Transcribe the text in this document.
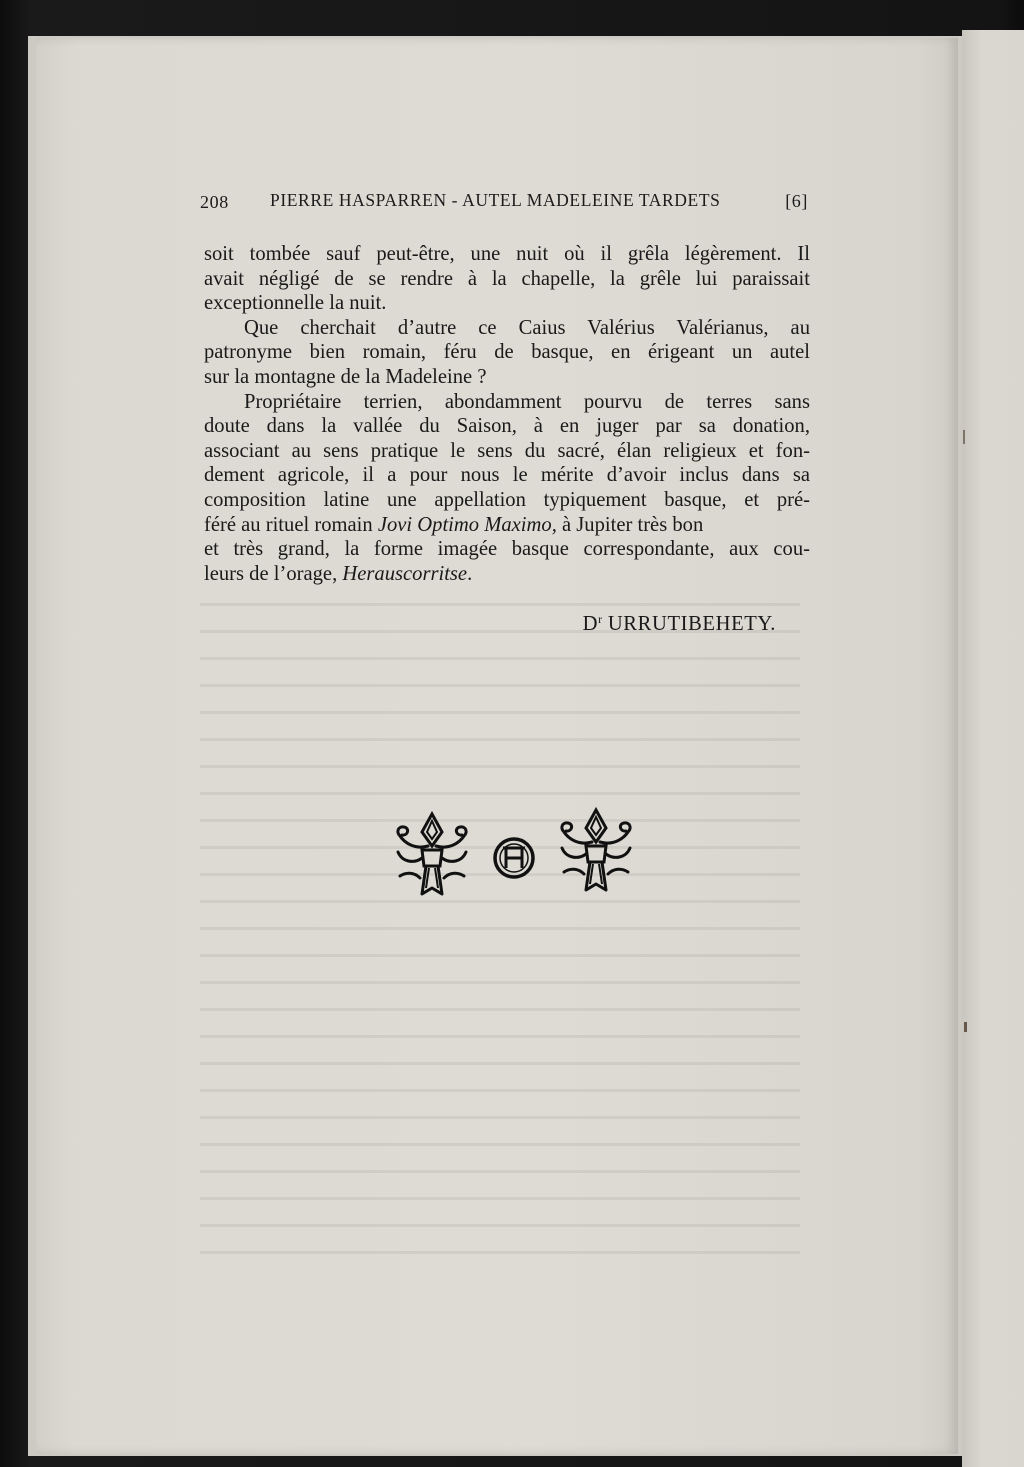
208 PIERRE HASPARREN - AUTEL MADELEINE TARDETS	[6]
soit tombée sauf peut-être, une nuit où il grêla légèrement. Il
avait négligé de se rendre à la chapelle, la grêle lui paraissait
exceptionnelle la nuit.
Que cherchait d’autre ce Caius Valérius Valérianus, au
patronyme bien romain, féru de basque, en érigeant un autel
sur la montagne de la Madeleine ?
Propriétaire terrien, abondamment pourvu de terres sans
doute dans la vallée du Saison, à en juger par sa donation,
associant au sens pratique le sens du sacré, élan religieux et fon-
dement agricole, il a pour nous le mérite d’avoir inclus dans sa
composition latine une appellation typiquement basque, et pré-
féré au rituel romain Jovi Optimo Maximo, à Jupiter très bon
et très grand, la forme imagée basque correspondante, aux cou-
leurs de l’orage, Herauscorritse.
$D^r$ URRUTIBEHETY.
